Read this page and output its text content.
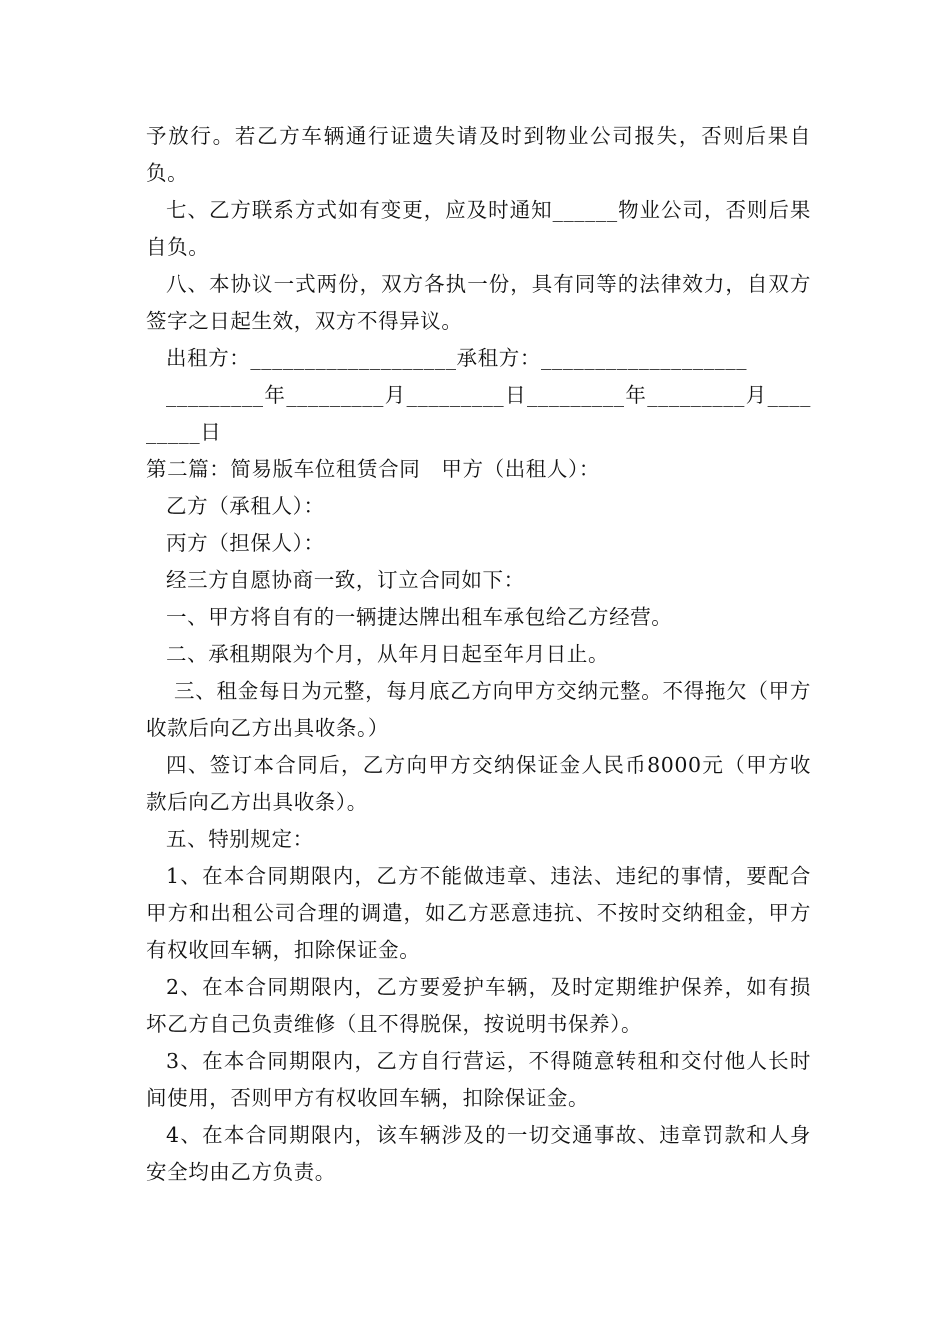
予放行。若乙方车辆通行证遗失请及时到物业公司报失，否则后果自负。

七、乙方联系方式如有变更，应及时通知______物业公司，否则后果自负。

八、本协议一式两份，双方各执一份，具有同等的法律效力，自双方签字之日起生效，双方不得异议。

出租方：___________________承租方：___________________

_________年_________月_________日_________年_________月_________日

第二篇：简易版车位租赁合同　甲方（出租人）：

乙方（承租人）：

丙方（担保人）：

经三方自愿协商一致，订立合同如下：

一、甲方将自有的一辆捷达牌出租车承包给乙方经营。

二、承租期限为个月，从年月日起至年月日止。

三、租金每日为元整，每月底乙方向甲方交纳元整。不得拖欠（甲方收款后向乙方出具收条。）

四、签订本合同后，乙方向甲方交纳保证金人民币8000元（甲方收款后向乙方出具收条）。

五、特别规定：

1、在本合同期限内，乙方不能做违章、违法、违纪的事情，要配合甲方和出租公司合理的调遣，如乙方恶意违抗、不按时交纳租金，甲方有权收回车辆，扣除保证金。

2、在本合同期限内，乙方要爱护车辆，及时定期维护保养，如有损坏乙方自己负责维修（且不得脱保，按说明书保养）。

3、在本合同期限内，乙方自行营运，不得随意转租和交付他人长时间使用，否则甲方有权收回车辆，扣除保证金。

4、在本合同期限内，该车辆涉及的一切交通事故、违章罚款和人身安全均由乙方负责。
